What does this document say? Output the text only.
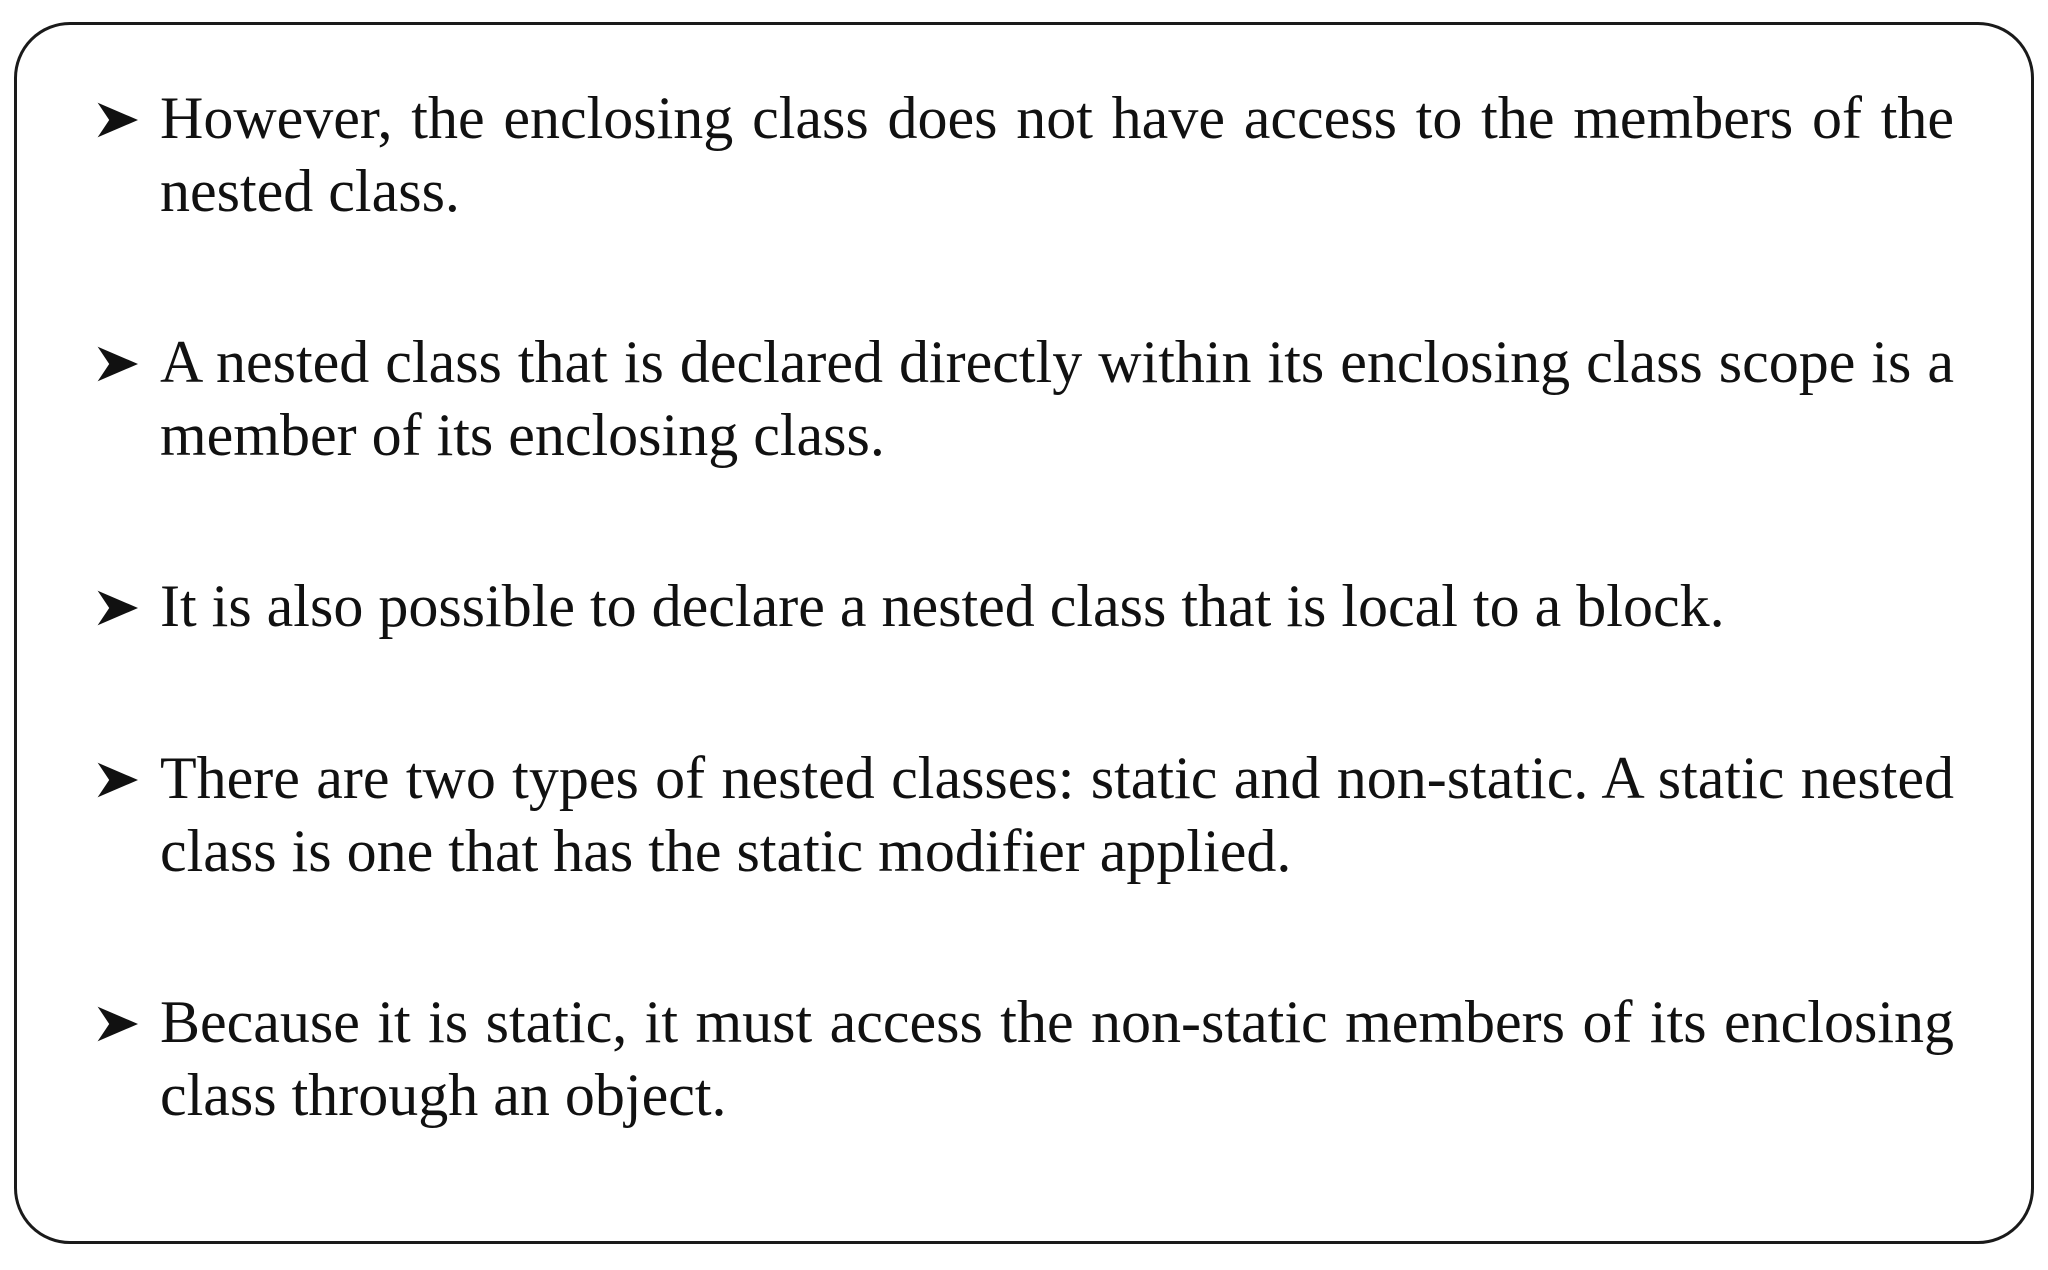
However, the enclosing class does not have access to the members of the nested class.
A nested class that is declared directly within its enclosing class scope is a member of its enclosing class.
It is also possible to declare a nested class that is local to a block.
There are two types of nested classes: static and non-static. A static nested class is one that has the static modifier applied.
Because it is static, it must access the non-static members of its enclosing class through an object.
